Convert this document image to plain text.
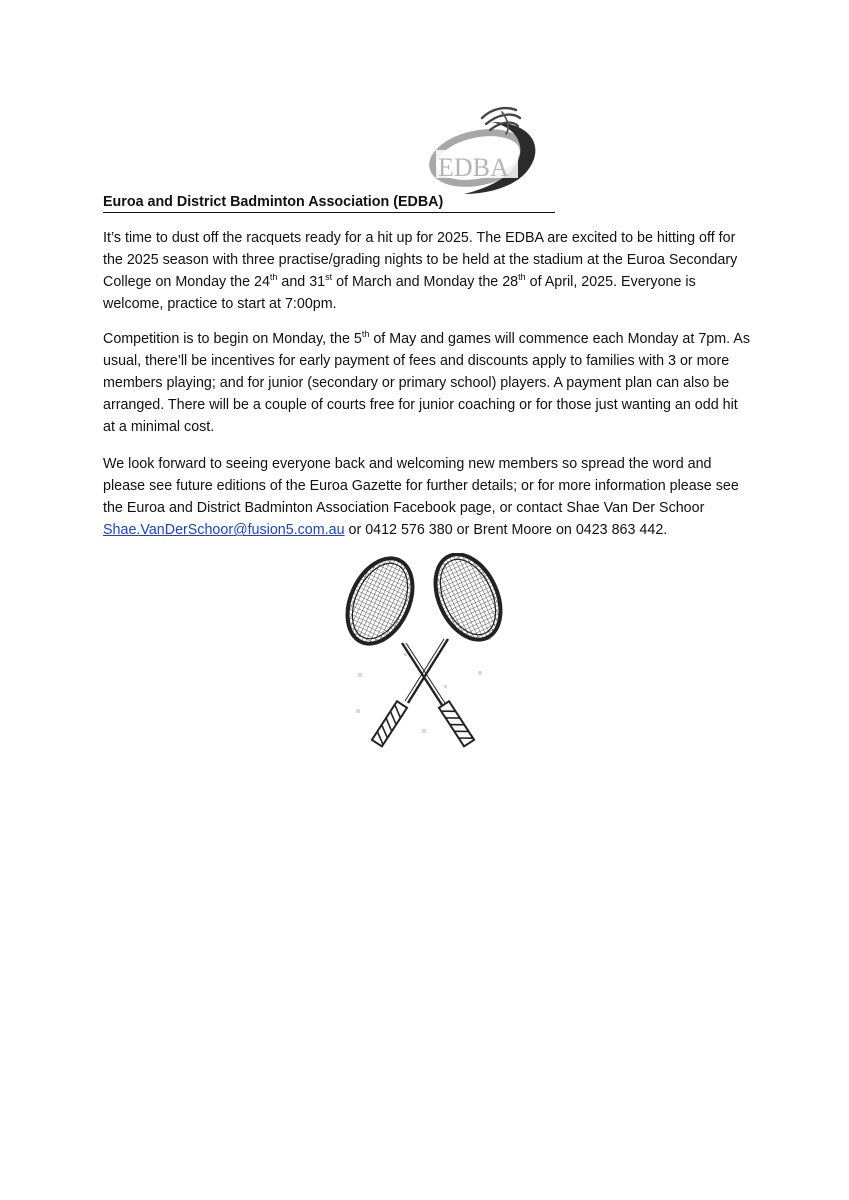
EDBA
Euroa and District Badminton Association (EDBA)

It’s time to dust off the racquets ready for a hit up for 2025. The EDBA are excited to be hitting off for the 2025 season with three practise/grading nights to be held at the stadium at the Euroa Secondary College on Monday the 24th and 31st of March and Monday the 28th of April, 2025. Everyone is welcome, practice to start at 7:00pm.

Competition is to begin on Monday, the 5th of May and games will commence each Monday at 7pm. As usual, there’ll be incentives for early payment of fees and discounts apply to families with 3 or more members playing; and for junior (secondary or primary school) players. A payment plan can also be arranged. There will be a couple of courts free for junior coaching or for those just wanting an odd hit at a minimal cost.

We look forward to seeing everyone back and welcoming new members so spread the word and please see future editions of the Euroa Gazette for further details; or for more information please see the Euroa and District Badminton Association Facebook page, or contact Shae Van Der Schoor Shae.VanDerSchoor@fusion5.com.au or 0412 576 380 or Brent Moore on 0423 863 442.
